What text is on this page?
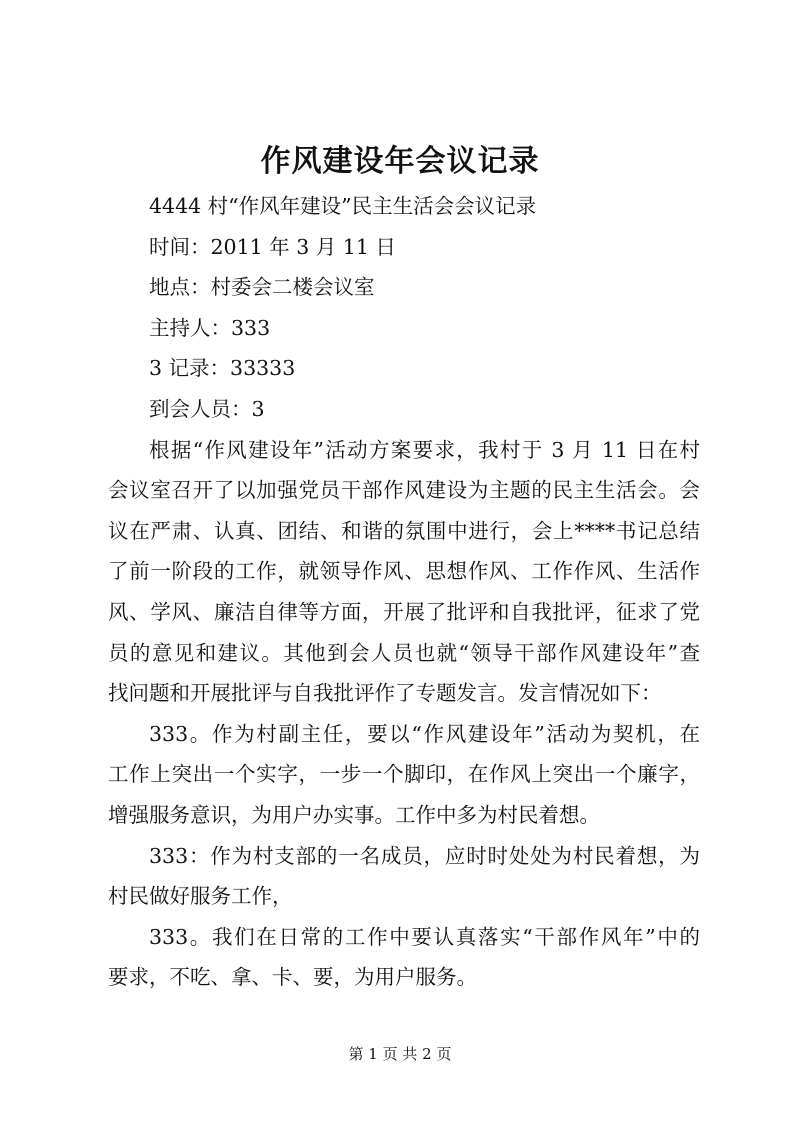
作风建设年会议记录
4444 村“作风年建设”民主生活会会议记录
时间：2011 年 3 月 11 日
地点：村委会二楼会议室
主持人：333
3 记录：33333
到会人员：3
根据“作风建设年”活动方案要求，我村于 3 月 11 日在村
会议室召开了以加强党员干部作风建设为主题的民主生活会。会
议在严肃、认真、团结、和谐的氛围中进行，会上****书记总结
了前一阶段的工作，就领导作风、思想作风、工作作风、生活作
风、学风、廉洁自律等方面，开展了批评和自我批评，征求了党
员的意见和建议。其他到会人员也就“领导干部作风建设年”查
找问题和开展批评与自我批评作了专题发言。发言情况如下：
333。作为村副主任，要以“作风建设年”活动为契机，在
工作上突出一个实字，一步一个脚印，在作风上突出一个廉字，
增强服务意识，为用户办实事。工作中多为村民着想。
333：作为村支部的一名成员，应时时处处为村民着想，为
村民做好服务工作，
333。我们在日常的工作中要认真落实“干部作风年”中的
要求，不吃、拿、卡、要，为用户服务。
第 1 页 共 2 页
